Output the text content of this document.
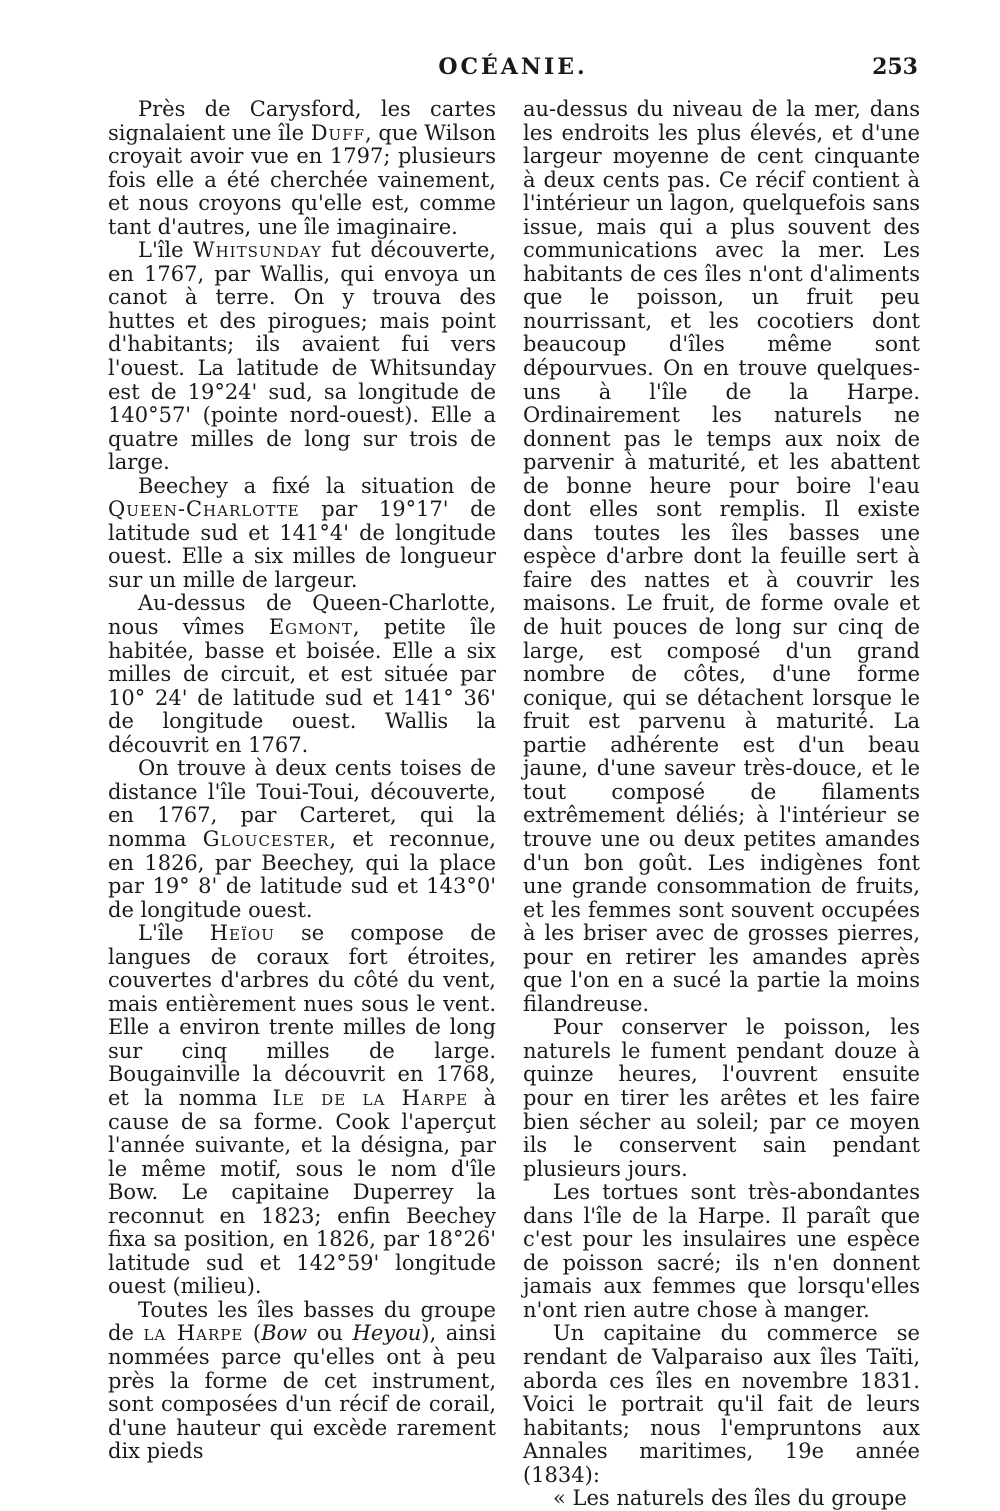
OCÉANIE.	253

Près de Carysford, les cartes signalaient une île Duff, que Wilson croyait avoir vue en 1797; plusieurs fois elle a été cherchée vainement, et nous croyons qu'elle est, comme tant d'autres, une île imaginaire.

L'île Whitsunday fut découverte, en 1767, par Wallis, qui envoya un canot à terre. On y trouva des huttes et des pirogues; mais point d'habitants; ils avaient fui vers l'ouest. La latitude de Whitsunday est de 19°24' sud, sa longitude de 140°57' (pointe nord-ouest). Elle a quatre milles de long sur trois de large.

Beechey a fixé la situation de Queen-Charlotte par 19°17' de latitude sud et 141°4' de longitude ouest. Elle a six milles de longueur sur un mille de largeur.

Au-dessus de Queen-Charlotte, nous vîmes Egmont, petite île habitée, basse et boisée. Elle a six milles de circuit, et est située par 10° 24' de latitude sud et 141° 36' de longitude ouest. Wallis la découvrit en 1767.

On trouve à deux cents toises de distance l'île Toui-Toui, découverte, en 1767, par Carteret, qui la nomma Gloucester, et reconnue, en 1826, par Beechey, qui la place par 19° 8' de latitude sud et 143°0' de longitude ouest.

L'île Heïou se compose de langues de coraux fort étroites, couvertes d'arbres du côté du vent, mais entièrement nues sous le vent. Elle a environ trente milles de long sur cinq milles de large. Bougainville la découvrit en 1768, et la nomma Ile de la Harpe à cause de sa forme. Cook l'aperçut l'année suivante, et la désigna, par le même motif, sous le nom d'île Bow. Le capitaine Duperrey la reconnut en 1823; enfin Beechey fixa sa position, en 1826, par 18°26' latitude sud et 142°59' longitude ouest (milieu).

Toutes les îles basses du groupe de la Harpe (Bow ou Heyou), ainsi nommées parce qu'elles ont à peu près la forme de cet instrument, sont composées d'un récif de corail, d'une hauteur qui excède rarement dix pieds

au-dessus du niveau de la mer, dans les endroits les plus élevés, et d'une largeur moyenne de cent cinquante à deux cents pas. Ce récif contient à l'intérieur un lagon, quelquefois sans issue, mais qui a plus souvent des communications avec la mer. Les habitants de ces îles n'ont d'aliments que le poisson, un fruit peu nourrissant, et les cocotiers dont beaucoup d'îles même sont dépourvues. On en trouve quelques-uns à l'île de la Harpe. Ordinairement les naturels ne donnent pas le temps aux noix de parvenir à maturité, et les abattent de bonne heure pour boire l'eau dont elles sont remplis. Il existe dans toutes les îles basses une espèce d'arbre dont la feuille sert à faire des nattes et à couvrir les maisons. Le fruit, de forme ovale et de huit pouces de long sur cinq de large, est composé d'un grand nombre de côtes, d'une forme conique, qui se détachent lorsque le fruit est parvenu à maturité. La partie adhérente est d'un beau jaune, d'une saveur très-douce, et le tout composé de filaments extrêmement déliés; à l'intérieur se trouve une ou deux petites amandes d'un bon goût. Les indigènes font une grande consommation de fruits, et les femmes sont souvent occupées à les briser avec de grosses pierres, pour en retirer les amandes après que l'on en a sucé la partie la moins filandreuse.

Pour conserver le poisson, les naturels le fument pendant douze à quinze heures, l'ouvrent ensuite pour en tirer les arêtes et les faire bien sécher au soleil; par ce moyen ils le conservent sain pendant plusieurs jours.

Les tortues sont très-abondantes dans l'île de la Harpe. Il paraît que c'est pour les insulaires une espèce de poisson sacré; ils n'en donnent jamais aux femmes que lorsqu'elles n'ont rien autre chose à manger.

Un capitaine du commerce se rendant de Valparaiso aux îles Taïti, aborda ces îles en novembre 1831. Voici le portrait qu'il fait de leurs habitants; nous l'empruntons aux Annales maritimes, 19e année (1834):

« Les naturels des îles du groupe
